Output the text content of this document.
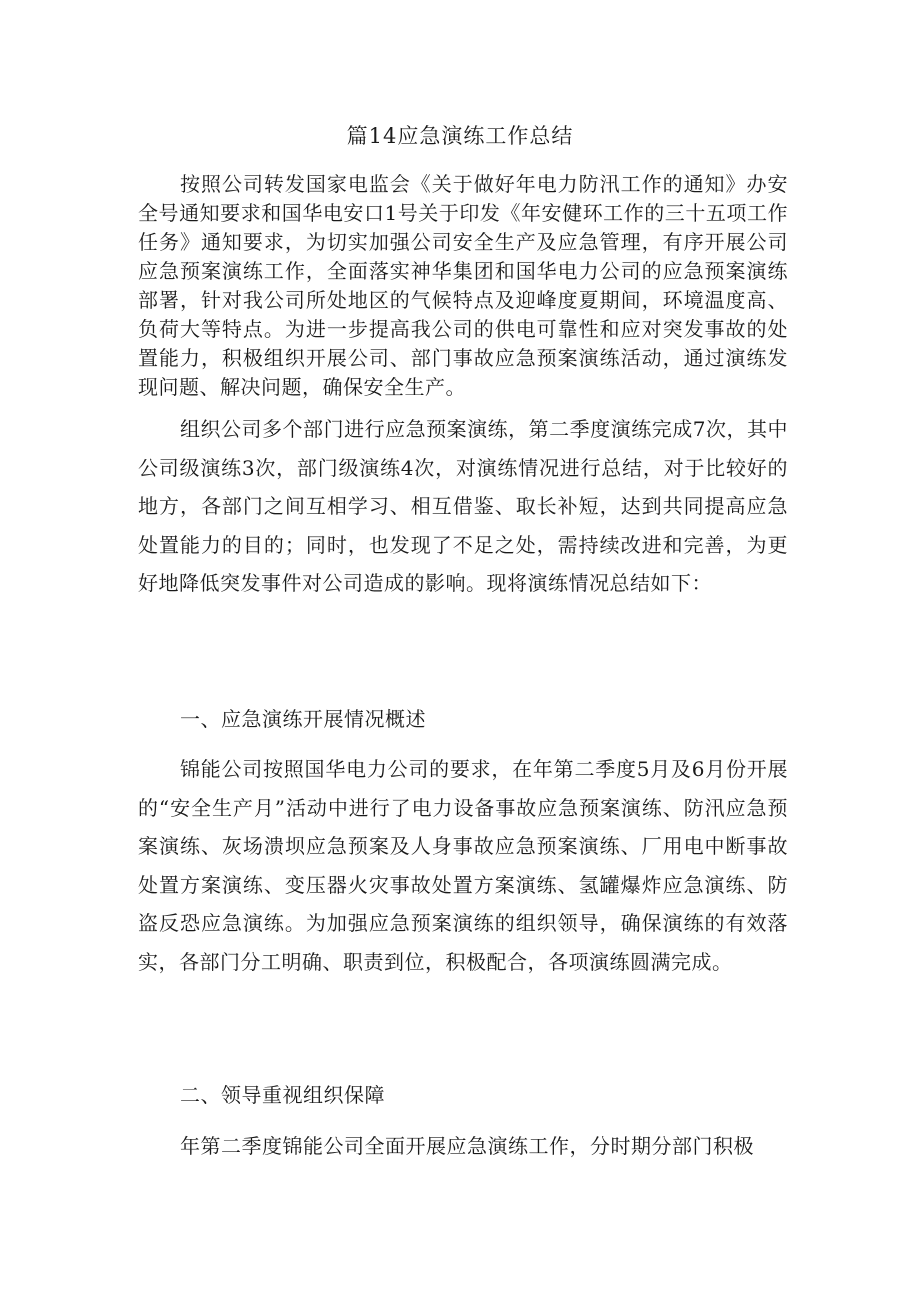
篇14应急演练工作总结

按照公司转发国家电监会《关于做好年电力防汛工作的通知》办安全号通知要求和国华电安口1号关于印发《年安健环工作的三十五项工作任务》通知要求，为切实加强公司安全生产及应急管理，有序开展公司应急预案演练工作，全面落实神华集团和国华电力公司的应急预案演练部署，针对我公司所处地区的气候特点及迎峰度夏期间，环境温度高、负荷大等特点。为进一步提高我公司的供电可靠性和应对突发事故的处置能力，积极组织开展公司、部门事故应急预案演练活动，通过演练发现问题、解决问题，确保安全生产。

组织公司多个部门进行应急预案演练，第二季度演练完成7次，其中公司级演练3次，部门级演练4次，对演练情况进行总结，对于比较好的地方，各部门之间互相学习、相互借鉴、取长补短，达到共同提高应急处置能力的目的；同时，也发现了不足之处，需持续改进和完善，为更好地降低突发事件对公司造成的影响。现将演练情况总结如下：

一、应急演练开展情况概述

锦能公司按照国华电力公司的要求，在年第二季度5月及6月份开展的“安全生产月”活动中进行了电力设备事故应急预案演练、防汛应急预案演练、灰场溃坝应急预案及人身事故应急预案演练、厂用电中断事故处置方案演练、变压器火灾事故处置方案演练、氢罐爆炸应急演练、防盗反恐应急演练。为加强应急预案演练的组织领导，确保演练的有效落实，各部门分工明确、职责到位，积极配合，各项演练圆满完成。

二、领导重视组织保障

年第二季度锦能公司全面开展应急演练工作，分时期分部门积极
